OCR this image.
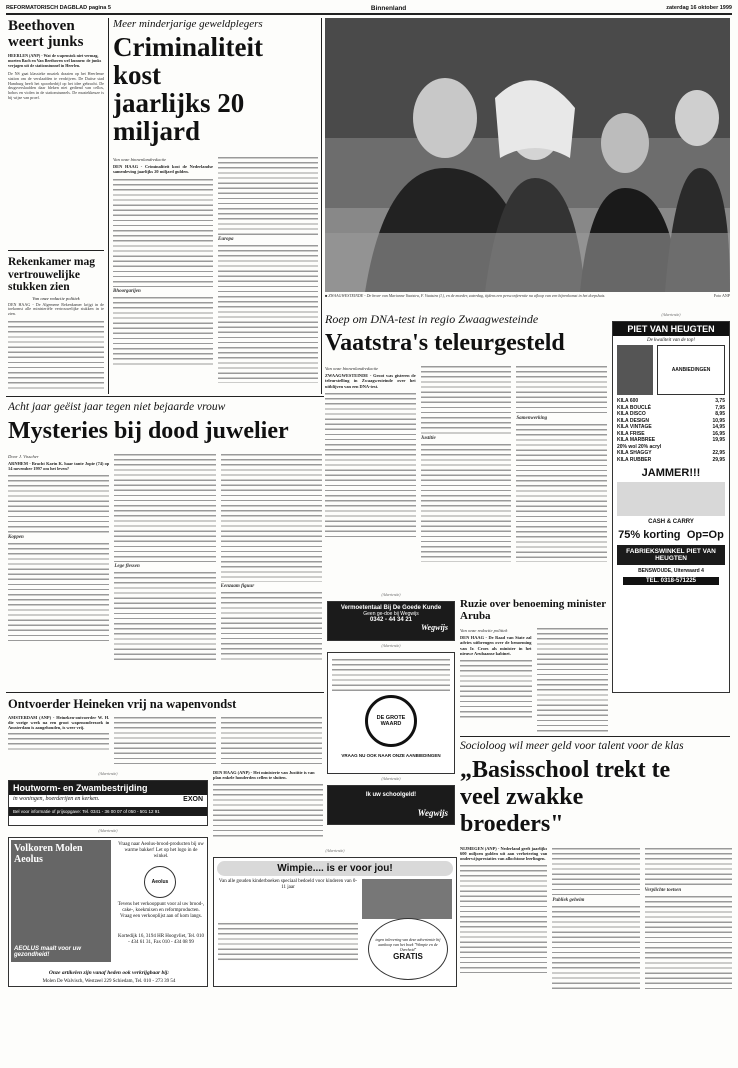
REFORMATORISCH DAGBLAD pagina 5	Binnenland	zaterdag 16 oktober 1999
Beethoven weert junks
HEERLEN (ANP) - Wat de wapenstok niet vermag, moeten Bach en Van Beethoven wel kunnen: de junks verjagen uit de stationstunnel in Heerlen.
De NS gaat klassieke muziek draaien op het Heerlense station om de verslaafden te verdrijven. De Duitse stad Hamburg heeft het spoorbedrijf op het idee gebracht. De drugsverslaafden daar bleken niet gediend van cellos, hobos en violen in de stationstunnels. De muziekkeuze is bij wijze van proef.
Rekenkamer mag vertrouwelijke stukken zien
Van onze redactie politiek
DEN HAAG - De Algemene Rekenkamer krijgt in de toekomst alle ministeriële vertrouwelijke stukken in te zien.
Meer minderjarige geweldplegers
Criminaliteit kost jaarlijks 20 miljard
Van onze binnenlandredactie
DEN HAAG - Criminaliteit kost de Nederlandse samenleving jaarlijks 20 miljard gulden.
Bhoorgarijen
Europa
■ ZWAAGWESTEINDE - De broer van Marianne Vaatstra, F. Vaatstra (l.), en de moeder, zaterdag, tijdens een persconferentie na afloop van een bijeenkomst in het dorpshuis.	Foto ANP
Roep om DNA-test in regio Zwaagwesteinde
Vaatstra's teleurgesteld
Van onze binnenlandredactie
ZWAAGWESTEINDE - Groot was gisteren de teleurstelling in Zwaagwesteinde over het uitblijven van een DNA-test.
Justitie
Samenwerking
(Advertentie)
PIET VAN HEUGTEN
De kwaliteit van de top!
AANBIEDINGEN
KILA 600	3,75
KILA BOUCLÉ	7,95
KILA DISCO	8,95
KILA DESIGN	10,95
KILA VINTAGE	14,95
KILA FRISE	16,95
KILA MARBREE	19,95
20% wol 20% acryl
KILA SHAGGY	22,95
KILA RUBBER	29,95
JAMMER!!!
CASH & CARRY
75% korting Op=Op
FABRIEKSWINKEL PIET VAN HEUGTEN
BENSWOUDE, Uiterwaard 4
TEL. 0318-571225
Acht jaar geëist jaar tegen niet bejaarde vrouw
Mysteries bij dood juwelier
Door J. Visscher
ARNHEM - Bracht Karin K. haar tante Jopie (74) op 14 november 1997 om het leven?
Koppen
Lege flessen
Eenzaam figuur
(Advertentie)
Vermoetentaal Bij De Goede Kunde
Geen ge-doe bij Wegwijs
0342 - 44 34 21
Wegwijs
(Advertentie)
DE GROTE WAARD
VRAAG NU OOK NAAR ONZE AANBIEDINGEN
(Advertentie)
Ik uw schoolgeld!
Wegwijs
Ruzie over benoeming minister Aruba
Van onze redactie politiek
DEN HAAG - De Raad van State zal advies uitbrengen over de benoeming van Ir. Croes als minister in het nieuwe Arubaanse kabinet.
Ontvoerder Heineken vrij na wapenvondst
AMSTERDAM (ANP) - Heineken-ontvoerder W. H. die vorige week na een groot wapenonderzoek in Amsterdam is aangehouden, is weer vrij.
DEN HAAG (ANP) - Het ministerie van Justitie is van plan enkele honderden cellen te sluiten.
(Advertentie)
Houtworm- en Zwambestrijding
in woningen, boerderijen en kerken.	EXON
Bel voor informatie of prijsopgave: Tel. 0341 - 36 00 07 of 050 - 501 12 91
(Advertentie)
Volkoren Molen Aeolus
AEOLUS maalt voor uw gezondheid!
Vraag naar Aeolus-brood-producten bij uw warme bakker! Let op het logo in de winkel.
Aeolus
Tevens het verkooppunt voor al uw brood-, cake-, koekmixen en reformproducten. Vraag een verkooplijst aan of kom langs.
Kortedijk 16, 3194 HR Hoogvliet, Tel. 010 - 434 61 31, Fax 010 - 434 08 99
Onze artikelen zijn vanaf heden ook verkrijgbaar bij:
Molen De Walvisch, Westzeel 229 Schiedam, Tel. 010 - 273 39 54
(Advertentie)
Wimpie.... is er voor jou!
Van alle gouden kinderboeken speciaal bedoeld voor kinderen van 0-11 jaar
tegen inlevering van deze advertentie bij aankoop van het boek "Wimpie en de Overheid"
GRATIS
Socioloog wil meer geld voor talent voor de klas
„Basisschool trekt te veel zwakke broeders"
NIJMEGEN (ANP) - Nederland geeft jaarlijks 600 miljoen gulden uit aan verbetering van onderwijsprestaties van allochtone leerlingen.
Publiek geheim
Verplichte toetsen
